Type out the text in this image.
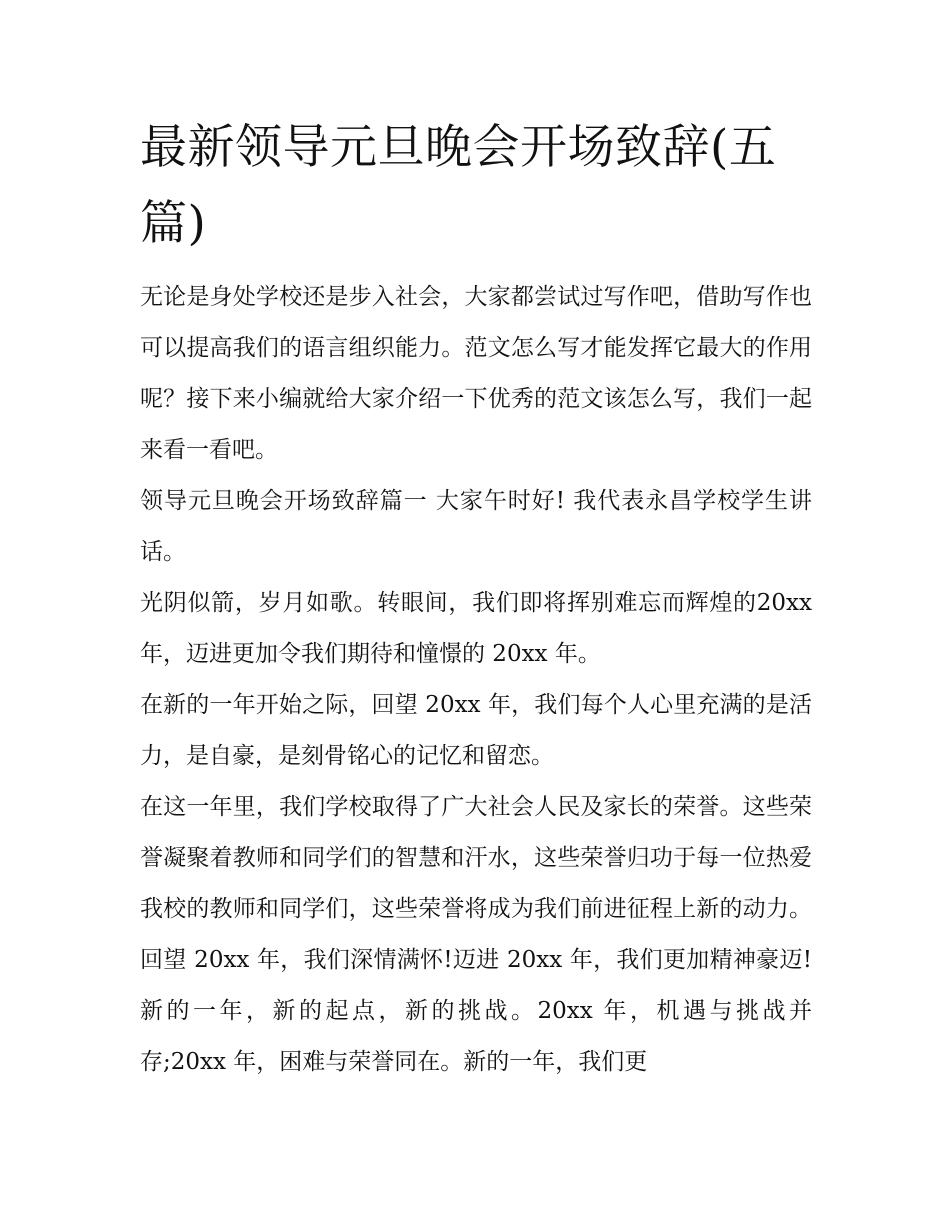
最新领导元旦晚会开场致辞(五篇)

无论是身处学校还是步入社会，大家都尝试过写作吧，借助写作也可以提高我们的语言组织能力。范文怎么写才能发挥它最大的作用呢？接下来小编就给大家介绍一下优秀的范文该怎么写，我们一起来看一看吧。

领导元旦晚会开场致辞篇一 大家午时好! 我代表永昌学校学生讲话。

光阴似箭，岁月如歌。转眼间，我们即将挥别难忘而辉煌的20xx 年，迈进更加令我们期待和憧憬的 20xx 年。

在新的一年开始之际，回望 20xx 年，我们每个人心里充满的是活力，是自豪，是刻骨铭心的记忆和留恋。

在这一年里，我们学校取得了广大社会人民及家长的荣誉。这些荣誉凝聚着教师和同学们的智慧和汗水，这些荣誉归功于每一位热爱我校的教师和同学们，这些荣誉将成为我们前进征程上新的动力。回望 20xx 年，我们深情满怀!迈进 20xx 年，我们更加精神豪迈!新的一年，新的起点，新的挑战。20xx 年，机遇与挑战并存;20xx 年，困难与荣誉同在。新的一年，我们更
